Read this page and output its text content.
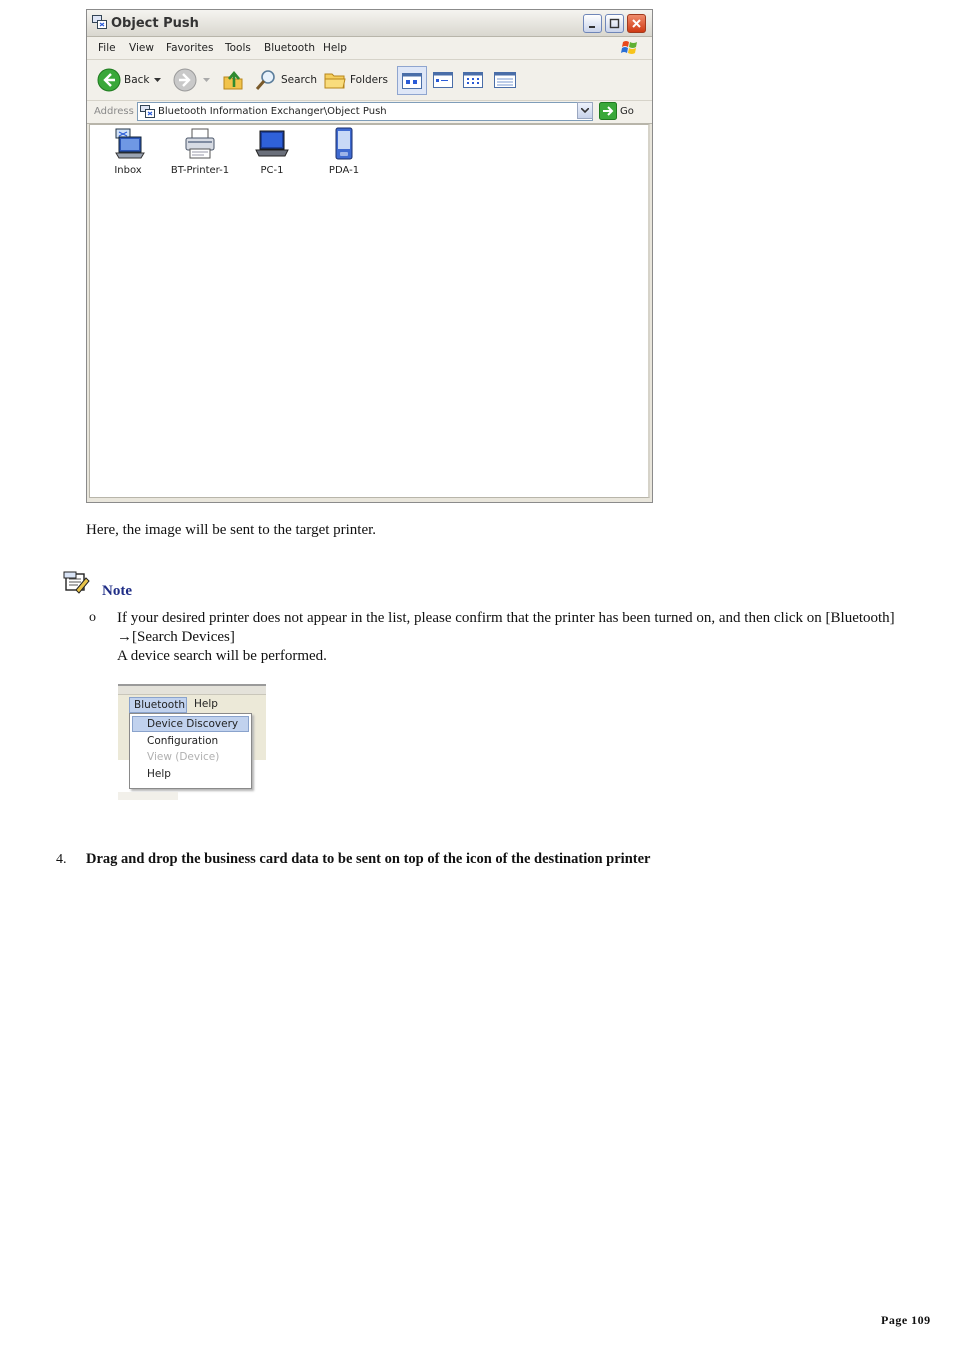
Object Push
File View Favorites Tools Bluetooth Help
Back	Search	Folders
Address Bluetooth Information Exchanger\Object Push	Go
Inbox	BT-Printer-1	PC-1	PDA-1
Here, the image will be sent to the target printer.
Note
o If your desired printer does not appear in the list, please confirm that the printer has been turned on, and then click on [Bluetooth]
→[Search Devices]
A device search will be performed.
Bluetooth Help
Device Discovery
Configuration
View (Device)
Help
4. Drag and drop the business card data to be sent on top of the icon of the destination printer
Page 109
